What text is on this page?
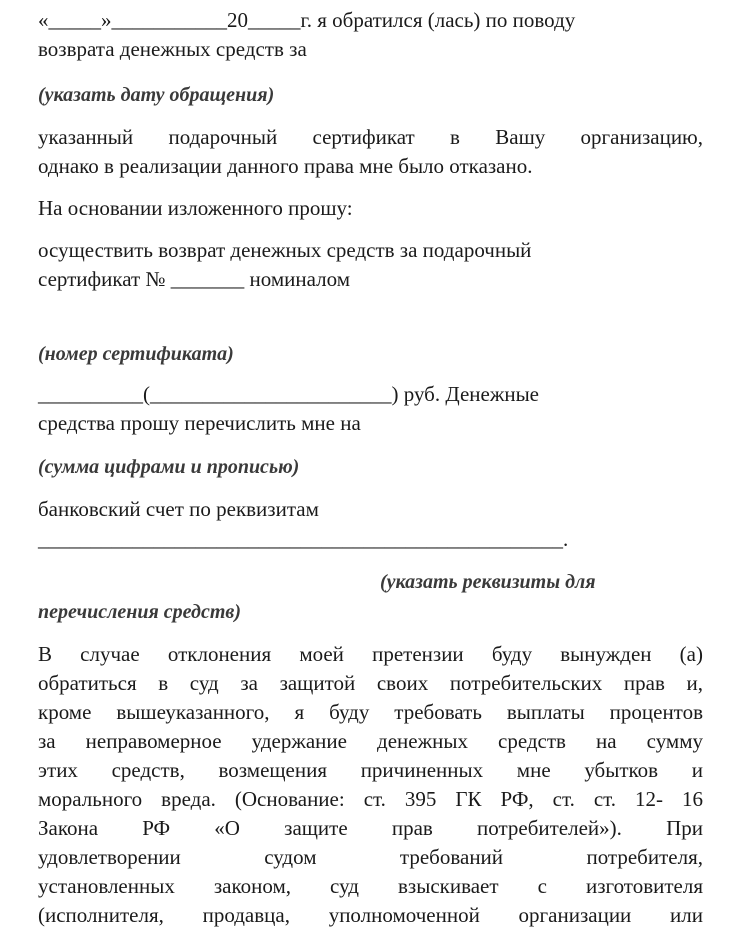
«_____»___________20_____г. я обратился (лась) по поводу
возврата денежных средств за
(указать дату обращения)
указанный подарочный сертификат в Вашу организацию,
однако в реализации данного права мне было отказано.
На основании изложенного прошу:
осуществить возврат денежных средств за подарочный
сертификат № _______ номиналом
(номер сертификата)
__________(_______________________) руб. Денежные
средства прошу перечислить мне на
(сумма цифрами и прописью)
банковский счет по реквизитам
__________________________________________________.
(указать реквизиты для
перечисления средств)
В случае отклонения моей претензии буду вынужден (а)
обратиться в суд за защитой своих потребительских прав и,
кроме вышеуказанного, я буду требовать выплаты процентов
за неправомерное удержание денежных средств на сумму
этих средств, возмещения причиненных мне убытков и
морального вреда. (Основание: ст. 395 ГК РФ, ст. ст. 12- 16
Закона РФ «О защите прав потребителей»). При
удовлетворении судом требований потребителя,
установленных законом, суд взыскивает с изготовителя
(исполнителя, продавца, уполномоченной организации или
